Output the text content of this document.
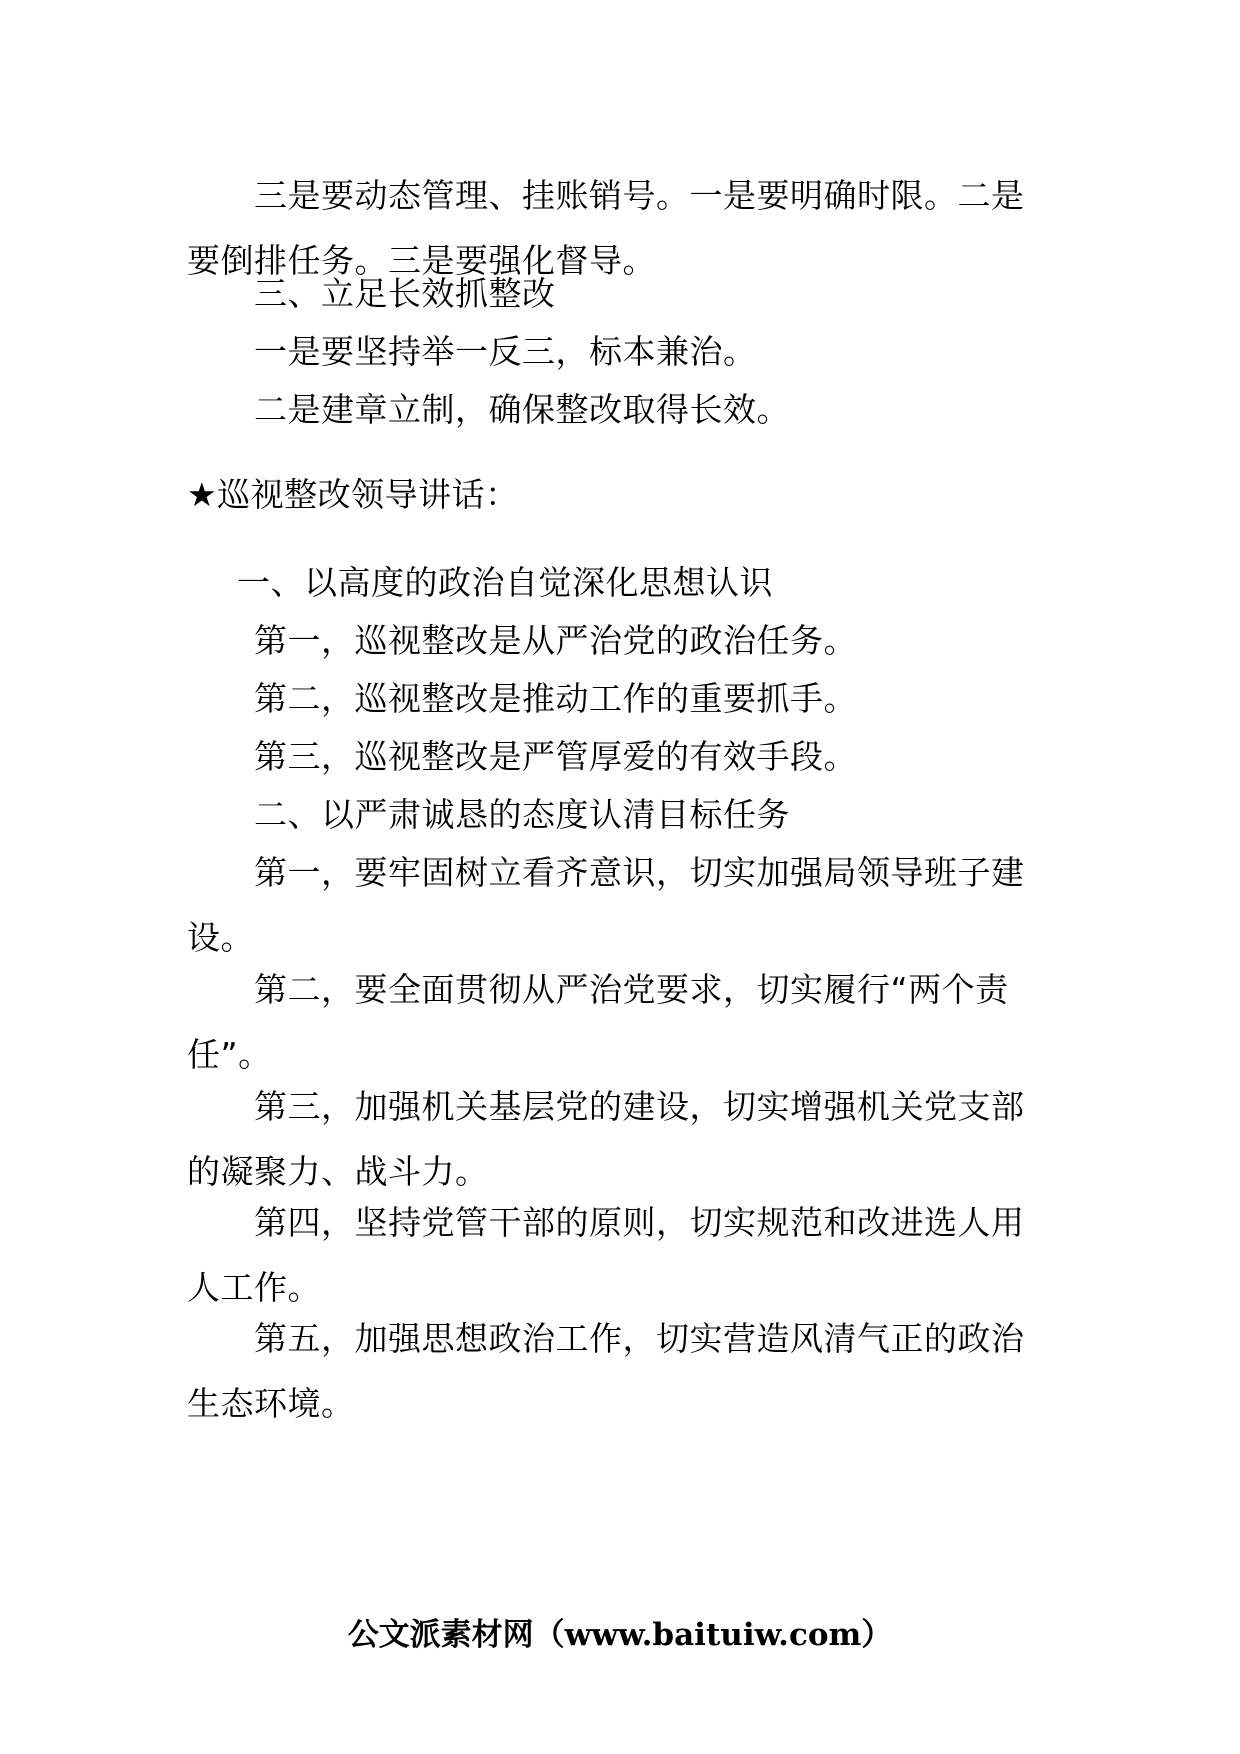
三是要动态管理、挂账销号。一是要明确时限。二是要倒排任务。三是要强化督导。

三、立足长效抓整改

一是要坚持举一反三，标本兼治。

二是建章立制，确保整改取得长效。

★巡视整改领导讲话：

一、以高度的政治自觉深化思想认识

第一，巡视整改是从严治党的政治任务。

第二，巡视整改是推动工作的重要抓手。

第三，巡视整改是严管厚爱的有效手段。

二、以严肃诚恳的态度认清目标任务

第一，要牢固树立看齐意识，切实加强局领导班子建设。

第二，要全面贯彻从严治党要求，切实履行“两个责任”。

第三，加强机关基层党的建设，切实增强机关党支部的凝聚力、战斗力。

第四，坚持党管干部的原则，切实规范和改进选人用人工作。

第五，加强思想政治工作，切实营造风清气正的政治生态环境。

公文派素材网（www.baituiw.com）
